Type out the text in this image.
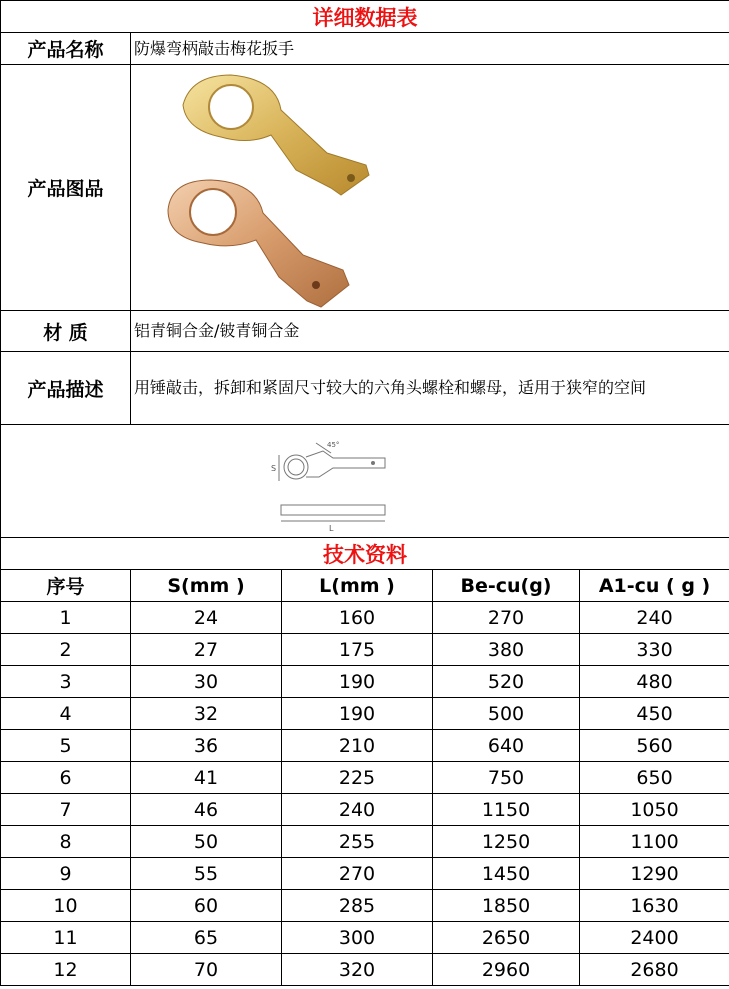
详细数据表				
产品名称	防爆弯柄敲击梅花扳手			
产品图品	

材 质	铝青铜合金/铍青铜合金			
产品描述	用锤敲击，拆卸和紧固尺寸较大的六角头螺栓和螺母，适用于狭窄的空间			

S
L
45°				

技术资料				
序号	S(mm )	L(mm )	Be-cu(g)	A1-cu ( g )
1	24	160	270	240
2	27	175	380	330
3	30	190	520	480
4	32	190	500	450
5	36	210	640	560
6	41	225	750	650
7	46	240	1150	1050
8	50	255	1250	1100
9	55	270	1450	1290
10	60	285	1850	1630
11	65	300	2650	2400
12	70	320	2960	2680
